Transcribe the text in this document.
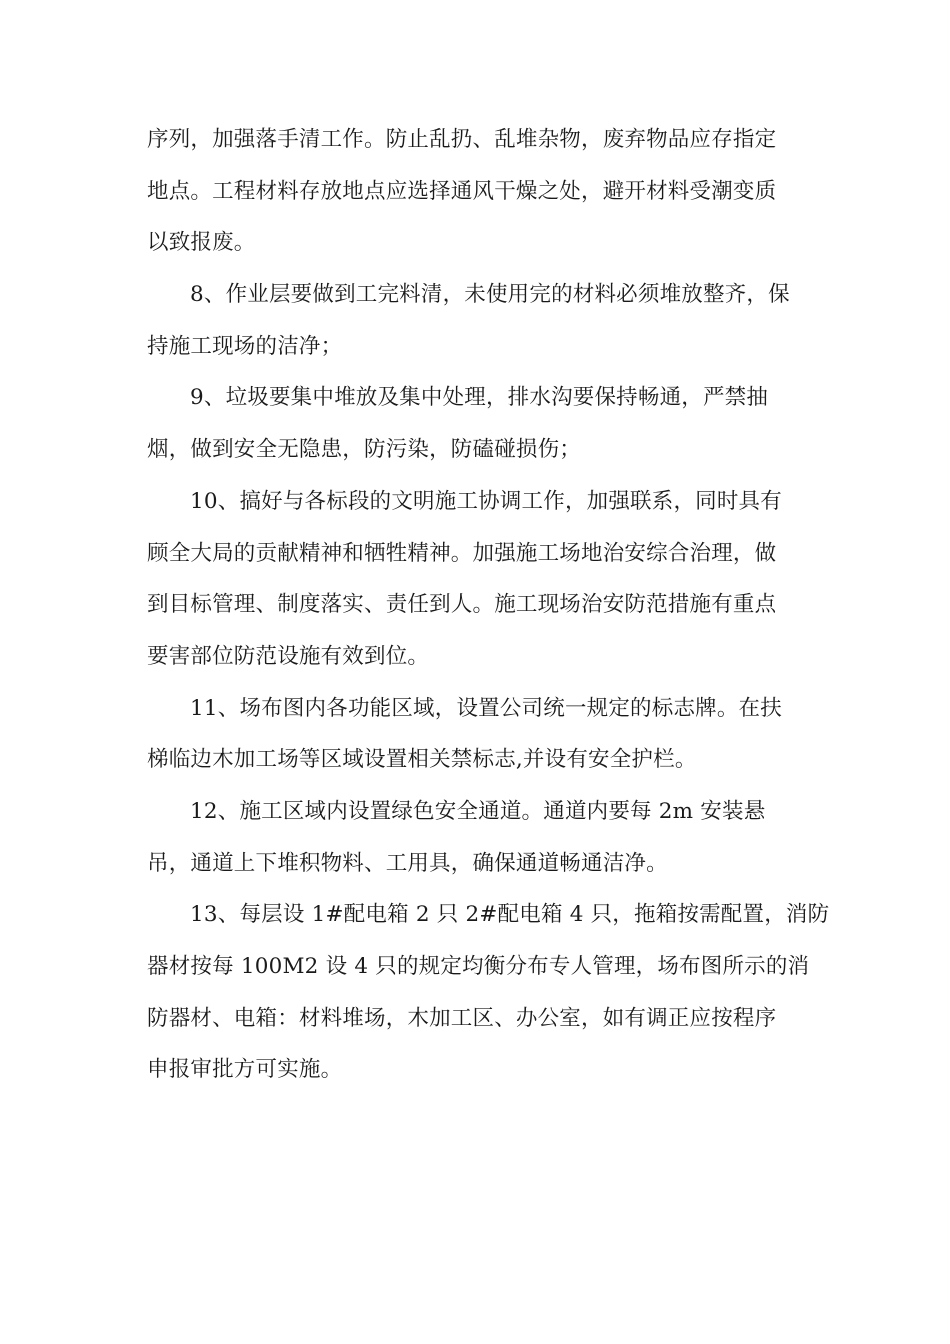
序列，加强落手清工作。防止乱扔、乱堆杂物，废弃物品应存指定
地点。工程材料存放地点应选择通风干燥之处，避开材料受潮变质
以致报废。
8、作业层要做到工完料清，未使用完的材料必须堆放整齐，保
持施工现场的洁净；
9、垃圾要集中堆放及集中处理，排水沟要保持畅通，严禁抽
烟，做到安全无隐患，防污染，防磕碰损伤；
10、搞好与各标段的文明施工协调工作，加强联系，同时具有
顾全大局的贡献精神和牺牲精神。加强施工场地治安综合治理，做
到目标管理、制度落实、责任到人。施工现场治安防范措施有重点
要害部位防范设施有效到位。
11、场布图内各功能区域，设置公司统一规定的标志牌。在扶
梯临边木加工场等区域设置相关禁标志,并设有安全护栏。
12、施工区域内设置绿色安全通道。通道内要每 2m 安装悬
吊，通道上下堆积物料、工用具，确保通道畅通洁净。
13、每层设 1#配电箱 2 只 2#配电箱 4 只，拖箱按需配置，消防
器材按每 100M2 设 4 只的规定均衡分布专人管理，场布图所示的消
防器材、电箱：材料堆场，木加工区、办公室，如有调正应按程序
申报审批方可实施。
